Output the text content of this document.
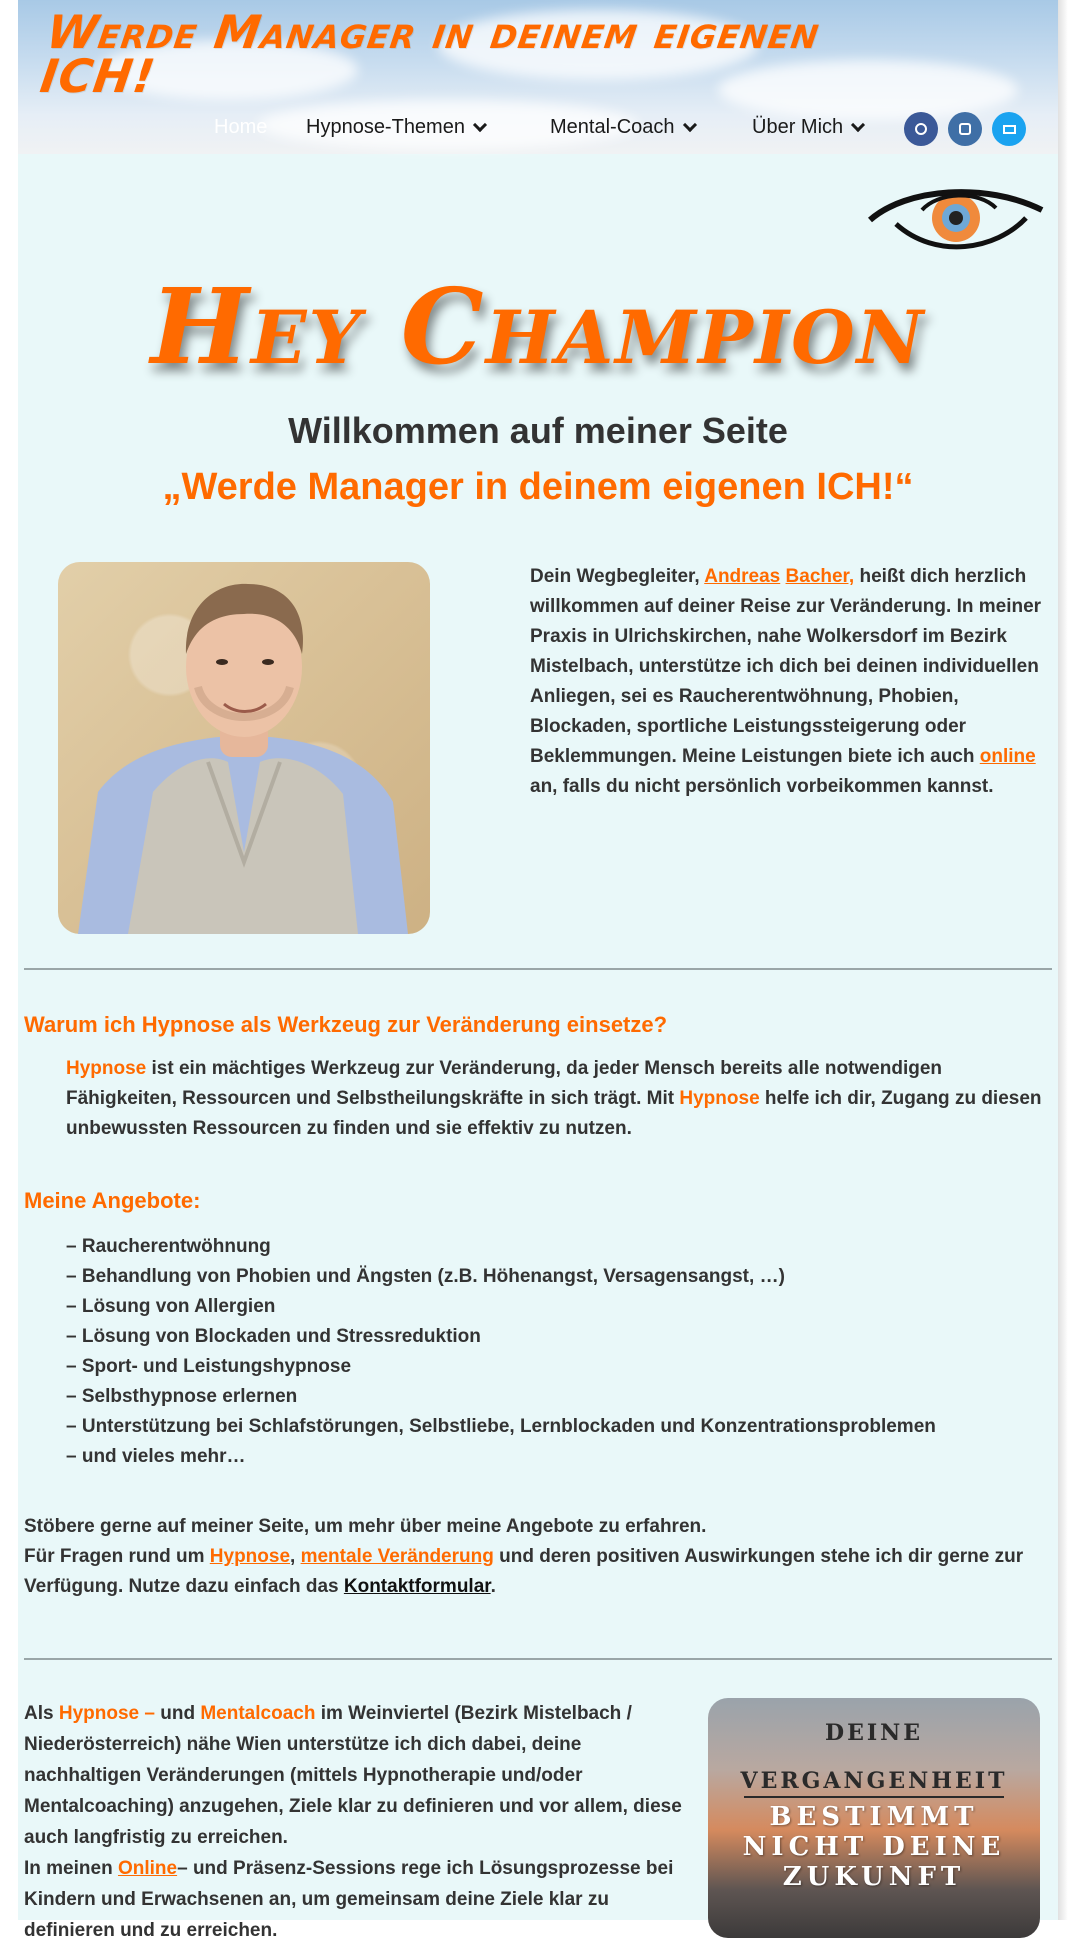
Werde Manager in deinem eigenen ICH!
Home Hypnose-Themen	Mental-Coach	Über Mich
Hey Champion
Willkommen auf meiner Seite
„Werde Manager in deinem eigenen ICH!“
Dein Wegbegleiter, Andreas Bacher, heißt dich herzlich willkommen auf deiner Reise zur Veränderung. In meiner Praxis in Ulrichskirchen, nahe Wolkersdorf im Bezirk Mistelbach, unterstütze ich dich bei deinen individuellen Anliegen, sei es Raucherentwöhnung, Phobien, Blockaden, sportliche Leistungssteigerung oder Beklemmungen. Meine Leistungen biete ich auch online an, falls du nicht persönlich vorbeikommen kannst.
Warum ich Hypnose als Werkzeug zur Veränderung einsetze?

Hypnose ist ein mächtiges Werkzeug zur Veränderung, da jeder Mensch bereits alle notwendigen Fähigkeiten, Ressourcen und Selbstheilungskräfte in sich trägt. Mit Hypnose helfe ich dir, Zugang zu diesen unbewussten Ressourcen zu finden und sie effektiv zu nutzen.

Meine Angebote:
– Raucherentwöhnung
– Behandlung von Phobien und Ängsten (z.B. Höhenangst, Versagensangst, …)
– Lösung von Allergien
– Lösung von Blockaden und Stressreduktion
– Sport- und Leistungshypnose
– Selbsthypnose erlernen
– Unterstützung bei Schlafstörungen, Selbstliebe, Lernblockaden und Konzentrationsproblemen
– und vieles mehr…
Stöbere gerne auf meiner Seite, um mehr über meine Angebote zu erfahren.
Für Fragen rund um Hypnose, mentale Veränderung und deren positiven Auswirkungen stehe ich dir gerne zur Verfügung. Nutze dazu einfach das Kontaktformular.
Als Hypnose – und Mentalcoach im Weinviertel (Bezirk Mistelbach / Niederösterreich) nähe Wien unterstütze ich dich dabei, deine nachhaltigen Veränderungen (mittels Hypnotherapie und/oder Mentalcoaching) anzugehen, Ziele klar zu definieren und vor allem, diese auch langfristig zu erreichen.
In meinen Online– und Präsenz-Sessions rege ich Lösungsprozesse bei Kindern und Erwachsenen an, um gemeinsam deine Ziele klar zu definieren und zu erreichen.
DEINE
VERGANGENHEIT
BESTIMMT
NICHT DEINE
ZUKUNFT
